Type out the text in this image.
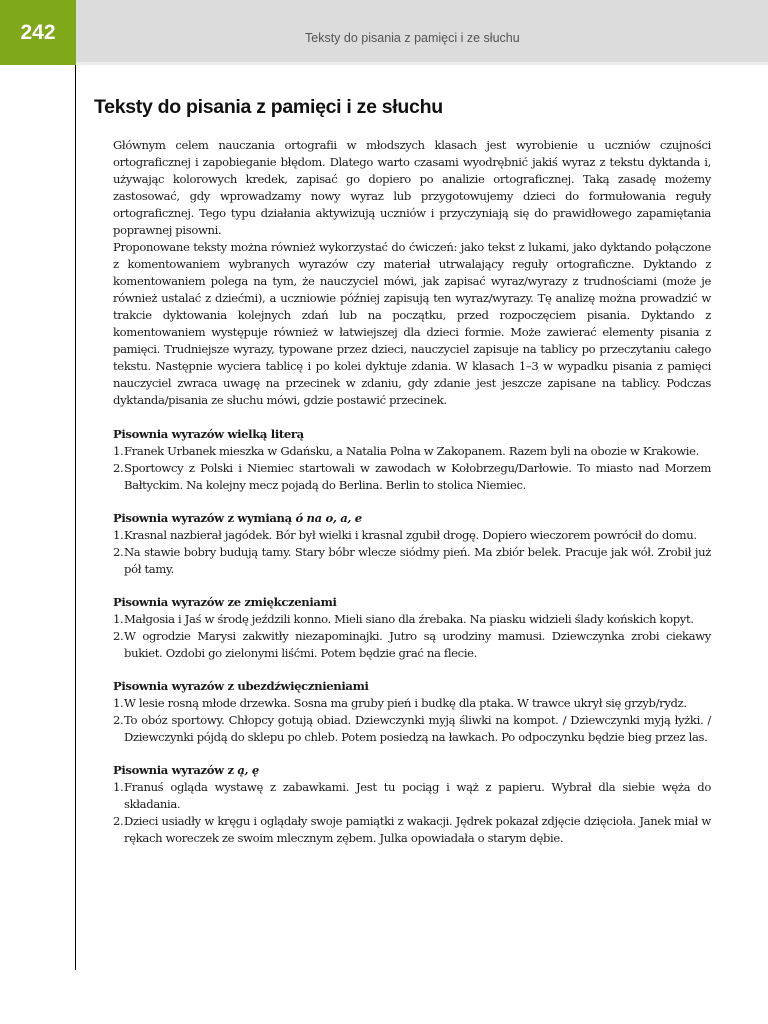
242	Teksty do pisania z pamięci i ze słuchu
Teksty do pisania z pamięci i ze słuchu

Głównym celem nauczania ortografii w młodszych klasach jest wyrobienie u uczniów czujności ortograficznej i zapobieganie błędom. Dlatego warto czasami wyodrębnić jakiś wyraz z tekstu dyktanda i, używając kolorowych kredek, zapisać go dopiero po analizie ortograficznej. Taką zasadę możemy zastosować, gdy wprowadzamy nowy wyraz lub przygotowujemy dzieci do formułowania reguły ortograficznej. Tego typu działania aktywizują uczniów i przyczyniają się do prawidłowego zapamiętania poprawnej pisowni.

Proponowane teksty można również wykorzystać do ćwiczeń: jako tekst z lukami, jako dyktando połączone z komentowaniem wybranych wyrazów czy materiał utrwalający reguły ortograficzne. Dyktando z komentowaniem polega na tym, że nauczyciel mówi, jak zapisać wyraz/wyrazy z trudnościami (może je również ustalać z dziećmi), a uczniowie później zapisują ten wyraz/wyrazy. Tę analizę można prowadzić w trakcie dyktowania kolejnych zdań lub na początku, przed rozpoczęciem pisania. Dyktando z komentowaniem występuje również w łatwiejszej dla dzieci formie. Może zawierać elementy pisania z pamięci. Trudniejsze wyrazy, typowane przez dzieci, nauczyciel zapisuje na tablicy po przeczytaniu całego tekstu. Następnie wyciera tablicę i po kolei dyktuje zdania. W klasach 1–3 w wypadku pisania z pamięci nauczyciel zwraca uwagę na przecinek w zdaniu, gdy zdanie jest jeszcze zapisane na tablicy. Podczas dyktanda/pisania ze słuchu mówi, gdzie postawić przecinek.

Pisownia wyrazów wielką literą

1. Franek Urbanek mieszka w Gdańsku, a Natalia Polna w Zakopanem. Razem byli na obozie w Krakowie.
2. Sportowcy z Polski i Niemiec startowali w zawodach w Kołobrzegu/Darłowie. To miasto nad Morzem Bałtyckim. Na kolejny mecz pojadą do Berlina. Berlin to stolica Niemiec.

Pisownia wyrazów z wymianą ó na o, a, e

1. Krasnal nazbierał jagódek. Bór był wielki i krasnal zgubił drogę. Dopiero wieczorem powrócił do domu.
2. Na stawie bobry budują tamy. Stary bóbr wlecze siódmy pień. Ma zbiór belek. Pracuje jak wół. Zrobił już pół tamy.

Pisownia wyrazów ze zmiękczeniami

1. Małgosia i Jaś w środę jeździli konno. Mieli siano dla źrebaka. Na piasku widzieli ślady końskich kopyt.
2. W ogrodzie Marysi zakwitły niezapominajki. Jutro są urodziny mamusi. Dziewczynka zrobi ciekawy bukiet. Ozdobi go zielonymi liśćmi. Potem będzie grać na flecie.

Pisownia wyrazów z ubezdźwięcznieniami

1. W lesie rosną młode drzewka. Sosna ma gruby pień i budkę dla ptaka. W trawce ukrył się grzyb/rydz.
2. To obóz sportowy. Chłopcy gotują obiad. Dziewczynki myją śliwki na kompot. / Dziewczynki myją łyżki. / Dziewczynki pójdą do sklepu po chleb. Potem posiedzą na ławkach. Po odpoczynku będzie bieg przez las.

Pisownia wyrazów z ą, ę

1. Franuś ogląda wystawę z zabawkami. Jest tu pociąg i wąż z papieru. Wybrał dla siebie węża do składania.
2. Dzieci usiadły w kręgu i oglądały swoje pamiątki z wakacji. Jędrek pokazał zdjęcie dzięcioła. Janek miał w rękach woreczek ze swoim mlecznym zębem. Julka opowiadała o starym dębie.
